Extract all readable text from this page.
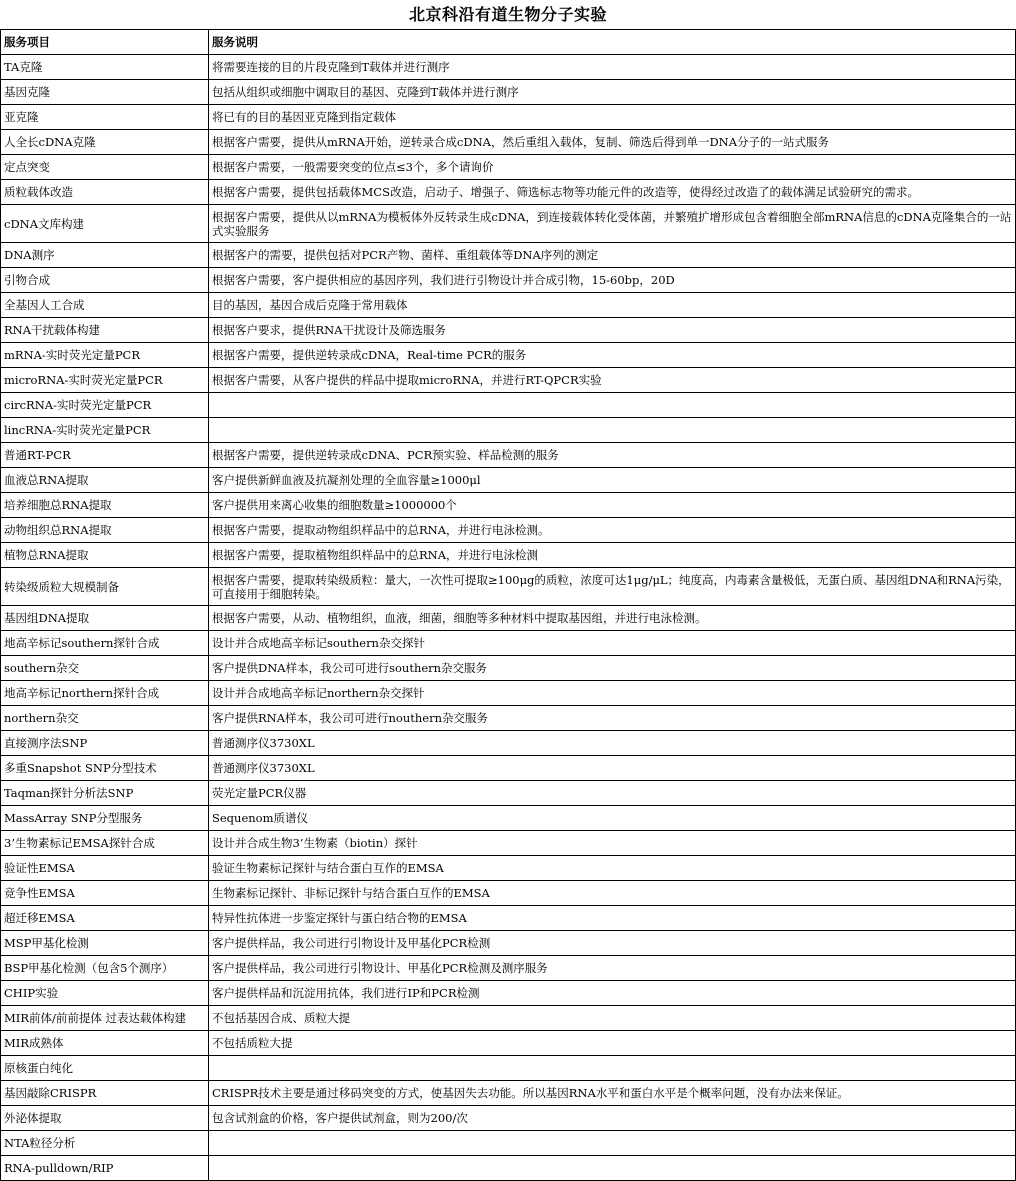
北京科沿有道生物分子实验
服务项目	服务说明
TA克隆	将需要连接的目的片段克隆到T载体并进行测序
基因克隆	包括从组织或细胞中调取目的基因、克隆到T载体并进行测序
亚克隆	将已有的目的基因亚克隆到指定载体
人全长cDNA克隆	根据客户需要，提供从mRNA开始，逆转录合成cDNA，然后重组入载体，复制、筛选后得到单一DNA分子的一站式服务
定点突变	根据客户需要，一般需要突变的位点≤3个，多个请询价
质粒载体改造	根据客户需要，提供包括载体MCS改造，启动子、增强子、筛选标志物等功能元件的改造等，使得经过改造了的载体满足试验研究的需求。
cDNA文库构建	根据客户需要，提供从以mRNA为模板体外反转录生成cDNA，到连接载体转化受体菌，并繁殖扩增形成包含着细胞全部mRNA信息的cDNA克隆集合的一站式实验服务
DNA测序	根据客户的需要，提供包括对PCR产物、菌样、重组载体等DNA序列的测定
引物合成	根据客户需要，客户提供相应的基因序列，我们进行引物设计并合成引物，15-60bp，20D
全基因人工合成	目的基因，基因合成后克隆于常用载体
RNA干扰载体构建	根据客户要求，提供RNA干扰设计及筛选服务
mRNA-实时荧光定量PCR	根据客户需要，提供逆转录成cDNA，Real-time PCR的服务
microRNA-实时荧光定量PCR	根据客户需要，从客户提供的样品中提取microRNA，并进行RT-QPCR实验
circRNA-实时荧光定量PCR	
lincRNA-实时荧光定量PCR	
普通RT-PCR	根据客户需要，提供逆转录成cDNA、PCR预实验、样品检测的服务
血液总RNA提取	客户提供新鲜血液及抗凝剂处理的全血容量≥1000μl
培养细胞总RNA提取	客户提供用来离心收集的细胞数量≥1000000个
动物组织总RNA提取	根据客户需要，提取动物组织样品中的总RNA，并进行电泳检测。
植物总RNA提取	根据客户需要，提取植物组织样品中的总RNA，并进行电泳检测
转染级质粒大规模制备	根据客户需要，提取转染级质粒：量大，一次性可提取≥100μg的质粒，浓度可达1μg/μL；纯度高，内毒素含量极低，无蛋白质、基因组DNA和RNA污染，可直接用于细胞转染。
基因组DNA提取	根据客户需要，从动、植物组织，血液，细菌，细胞等多种材料中提取基因组，并进行电泳检测。
地高辛标记southern探针合成	设计并合成地高辛标记southern杂交探针
southern杂交	客户提供DNA样本，我公司可进行southern杂交服务
地高辛标记northern探针合成	设计并合成地高辛标记northern杂交探针
northern杂交	客户提供RNA样本，我公司可进行nouthern杂交服务
直接测序法SNP	普通测序仪3730XL
多重Snapshot SNP分型技术	普通测序仪3730XL
Taqman探针分析法SNP	荧光定量PCR仪器
MassArray SNP分型服务	Sequenom质谱仪
3’生物素标记EMSA探针合成	设计并合成生物3’生物素（biotin）探针
验证性EMSA	验证生物素标记探针与结合蛋白互作的EMSA
竞争性EMSA	生物素标记探针、非标记探针与结合蛋白互作的EMSA
超迁移EMSA	特异性抗体进一步鉴定探针与蛋白结合物的EMSA
MSP甲基化检测	客户提供样品，我公司进行引物设计及甲基化PCR检测
BSP甲基化检测（包含5个测序）	客户提供样品，我公司进行引物设计、甲基化PCR检测及测序服务
CHIP实验	客户提供样品和沉淀用抗体，我们进行IP和PCR检测
MIR前体/前前提体 过表达载体构建	不包括基因合成、质粒大提
MIR成熟体	不包括质粒大提
原核蛋白纯化	
基因敲除CRISPR	CRISPR技术主要是通过移码突变的方式，使基因失去功能。所以基因RNA水平和蛋白水平是个概率问题，没有办法来保证。
外泌体提取	包含试剂盒的价格，客户提供试剂盒，则为200/次
NTA粒径分析	
RNA-pulldown/RIP	
